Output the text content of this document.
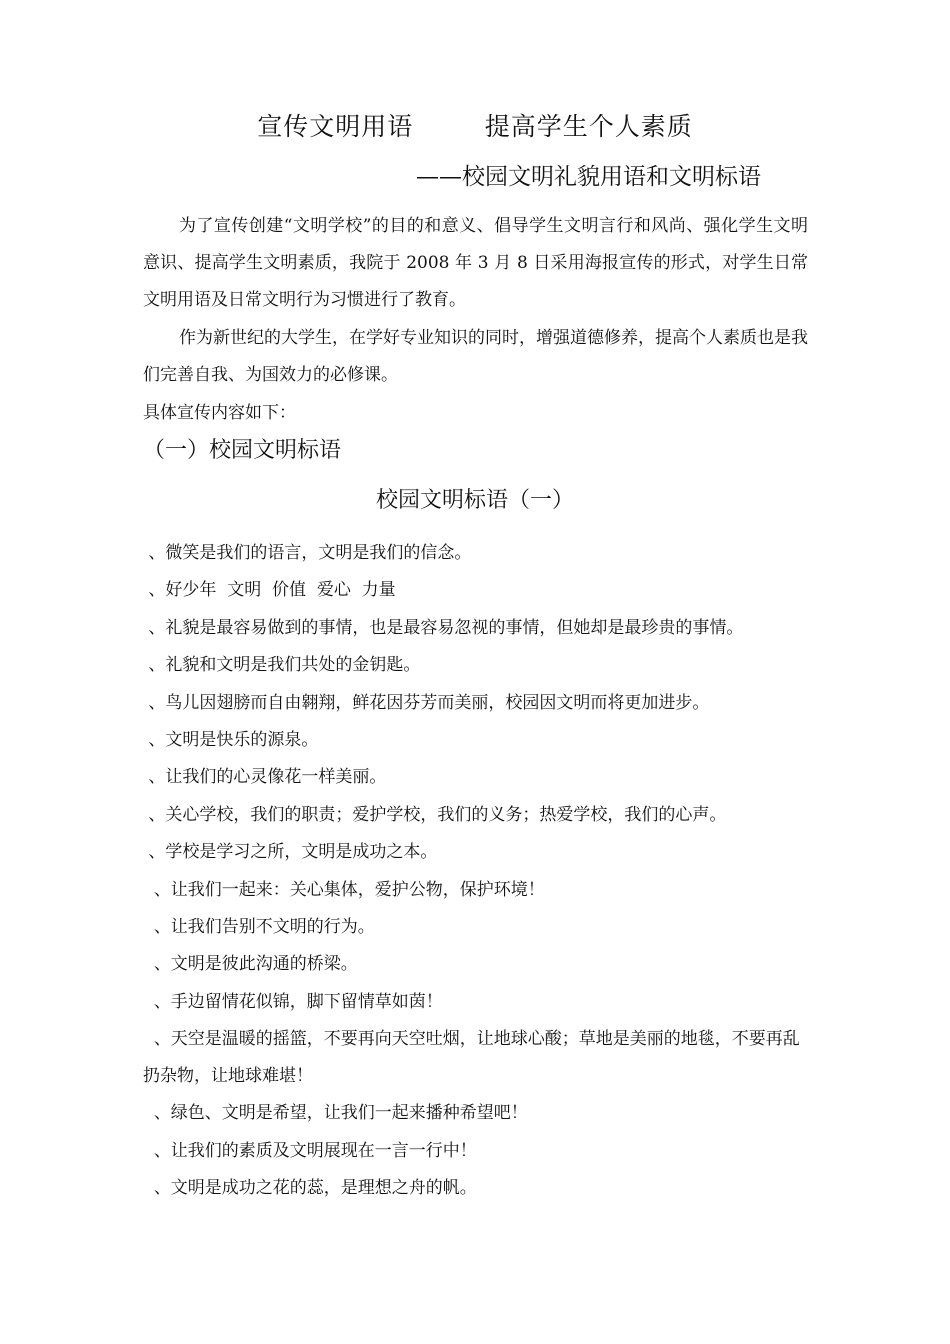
宣传文明用语        提高学生个人素质
——校园文明礼貌用语和文明标语

为了宣传创建“文明学校”的目的和意义、倡导学生文明言行和风尚、强化学生文明意识、提高学生文明素质，我院于 2008 年 3 月 8 日采用海报宣传的形式，对学生日常文明用语及日常文明行为习惯进行了教育。

作为新世纪的大学生，在学好专业知识的同时，增强道德修养，提高个人素质也是我们完善自我、为国效力的必修课。

具体宣传内容如下：
（一）校园文明标语
校园文明标语（一）
、微笑是我们的语言，文明是我们的信念。
、好少年  文明  价值  爱心  力量
、礼貌是最容易做到的事情，也是最容易忽视的事情，但她却是最珍贵的事情。
、礼貌和文明是我们共处的金钥匙。
、鸟儿因翅膀而自由翱翔，鲜花因芬芳而美丽，校园因文明而将更加进步。
、文明是快乐的源泉。
、让我们的心灵像花一样美丽。
、关心学校，我们的职责；爱护学校，我们的义务；热爱学校，我们的心声。
、学校是学习之所，文明是成功之本。
、让我们一起来：关心集体，爱护公物，保护环境！
、让我们告别不文明的行为。
、文明是彼此沟通的桥梁。
、手边留情花似锦，脚下留情草如茵！
、天空是温暖的摇篮，不要再向天空吐烟，让地球心酸；草地是美丽的地毯，不要再乱扔杂物，让地球难堪！
、绿色、文明是希望，让我们一起来播种希望吧！
、让我们的素质及文明展现在一言一行中！
、文明是成功之花的蕊，是理想之舟的帆。
